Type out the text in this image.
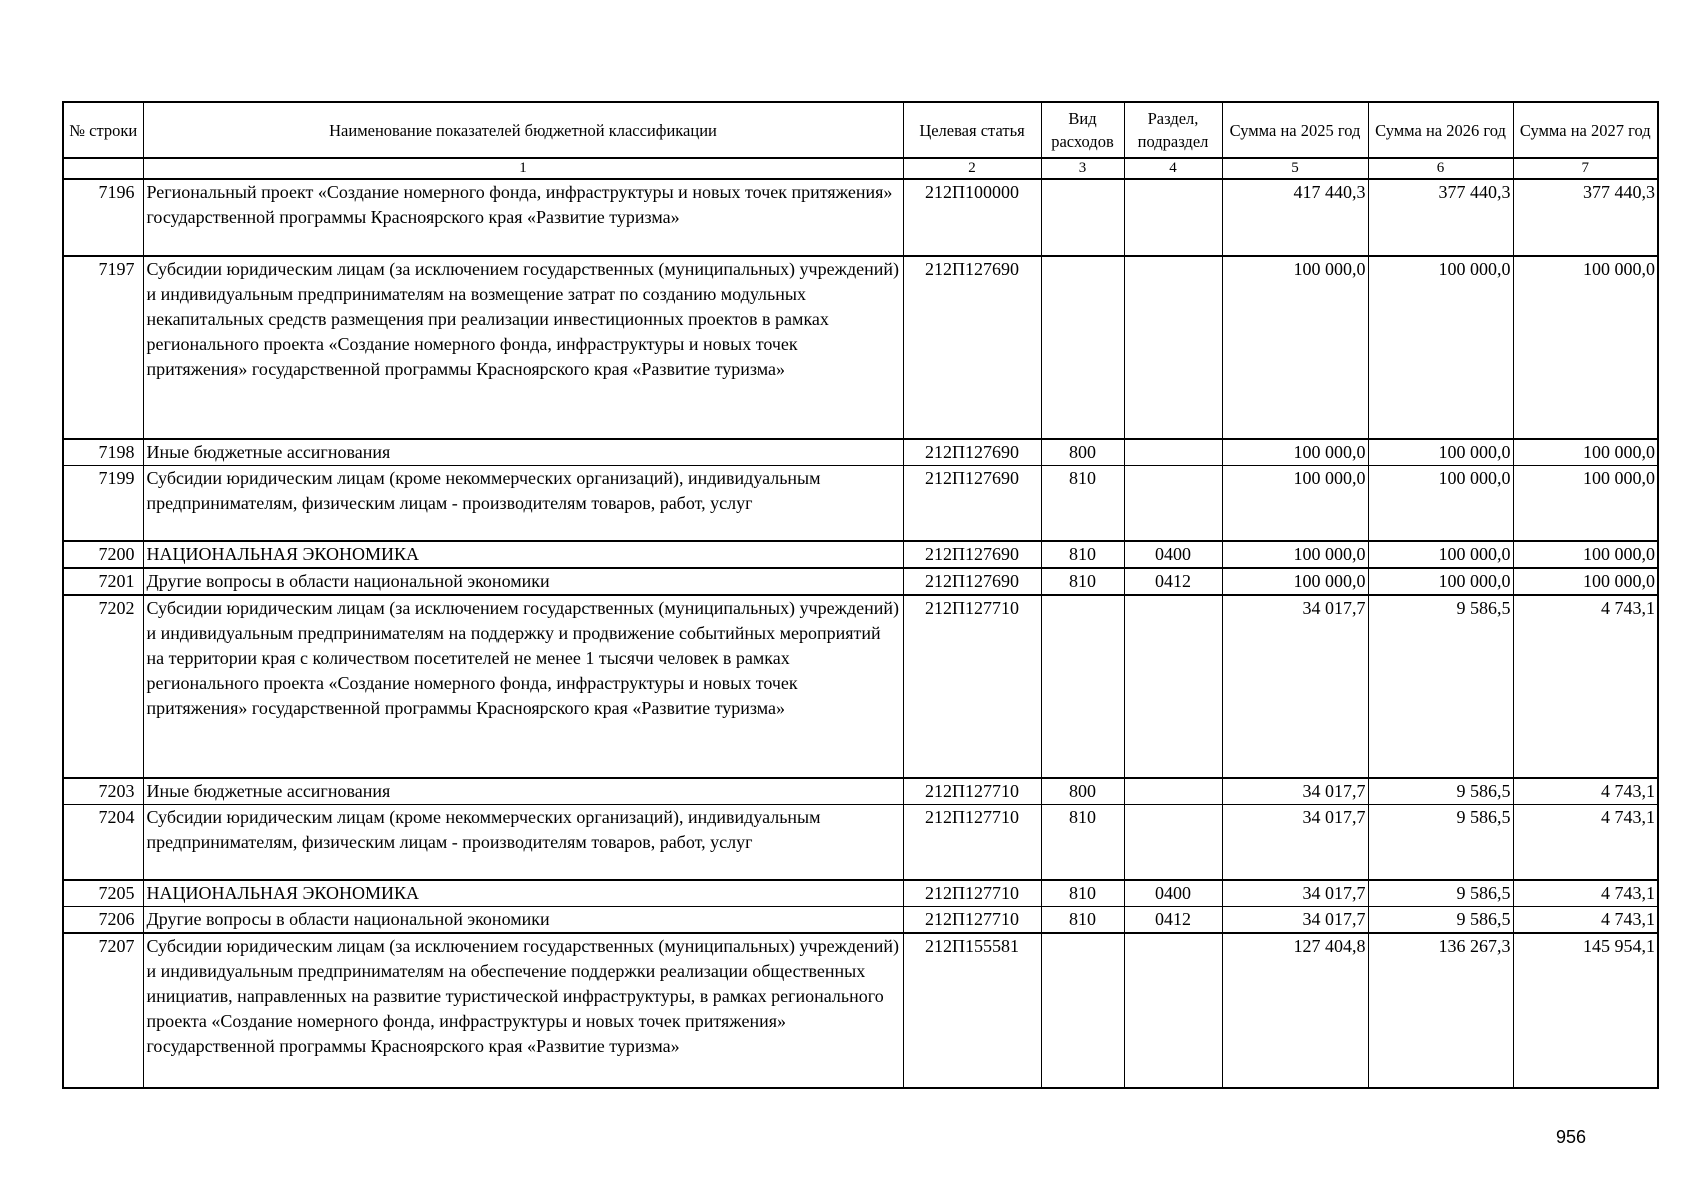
№ строки	Наименование показателей бюджетной классификации	Целевая статья	Вид расходов	Раздел, подраздел	Сумма на 2025 год	Сумма на 2026 год	Сумма на 2027 год
	1	2	3	4	5	6	7
7196	Региональный проект «Создание номерного фонда, инфраструктуры и новых точек притяжения» государственной программы Красноярского края «Развитие туризма»	212П100000			417 440,3	377 440,3	377 440,3
7197	Субсидии юридическим лицам (за исключением государственных (муниципальных) учреждений) и индивидуальным предпринимателям на возмещение затрат по созданию модульных некапитальных средств размещения при реализации инвестиционных проектов в рамках регионального проекта «Создание номерного фонда, инфраструктуры и новых точек притяжения» государственной программы Красноярского края «Развитие туризма»	212П127690			100 000,0	100 000,0	100 000,0
7198	Иные бюджетные ассигнования	212П127690	800		100 000,0	100 000,0	100 000,0
7199	Субсидии юридическим лицам (кроме некоммерческих организаций), индивидуальным предпринимателям, физическим лицам - производителям товаров, работ, услуг	212П127690	810		100 000,0	100 000,0	100 000,0
7200	НАЦИОНАЛЬНАЯ ЭКОНОМИКА	212П127690	810	0400	100 000,0	100 000,0	100 000,0
7201	Другие вопросы в области национальной экономики	212П127690	810	0412	100 000,0	100 000,0	100 000,0
7202	Субсидии юридическим лицам (за исключением государственных (муниципальных) учреждений) и индивидуальным предпринимателям на поддержку и продвижение событийных мероприятий на территории края с количеством посетителей не менее 1 тысячи человек в рамках регионального проекта «Создание номерного фонда, инфраструктуры и новых точек притяжения» государственной программы Красноярского края «Развитие туризма»	212П127710			34 017,7	9 586,5	4 743,1
7203	Иные бюджетные ассигнования	212П127710	800		34 017,7	9 586,5	4 743,1
7204	Субсидии юридическим лицам (кроме некоммерческих организаций), индивидуальным предпринимателям, физическим лицам - производителям товаров, работ, услуг	212П127710	810		34 017,7	9 586,5	4 743,1
7205	НАЦИОНАЛЬНАЯ ЭКОНОМИКА	212П127710	810	0400	34 017,7	9 586,5	4 743,1
7206	Другие вопросы в области национальной экономики	212П127710	810	0412	34 017,7	9 586,5	4 743,1
7207	Субсидии юридическим лицам (за исключением государственных (муниципальных) учреждений) и индивидуальным предпринимателям на обеспечение поддержки реализации общественных инициатив, направленных на развитие туристической инфраструктуры, в рамках регионального проекта «Создание номерного фонда, инфраструктуры и новых точек притяжения» государственной программы Красноярского края «Развитие туризма»	212П155581			127 404,8	136 267,3	145 954,1
956
